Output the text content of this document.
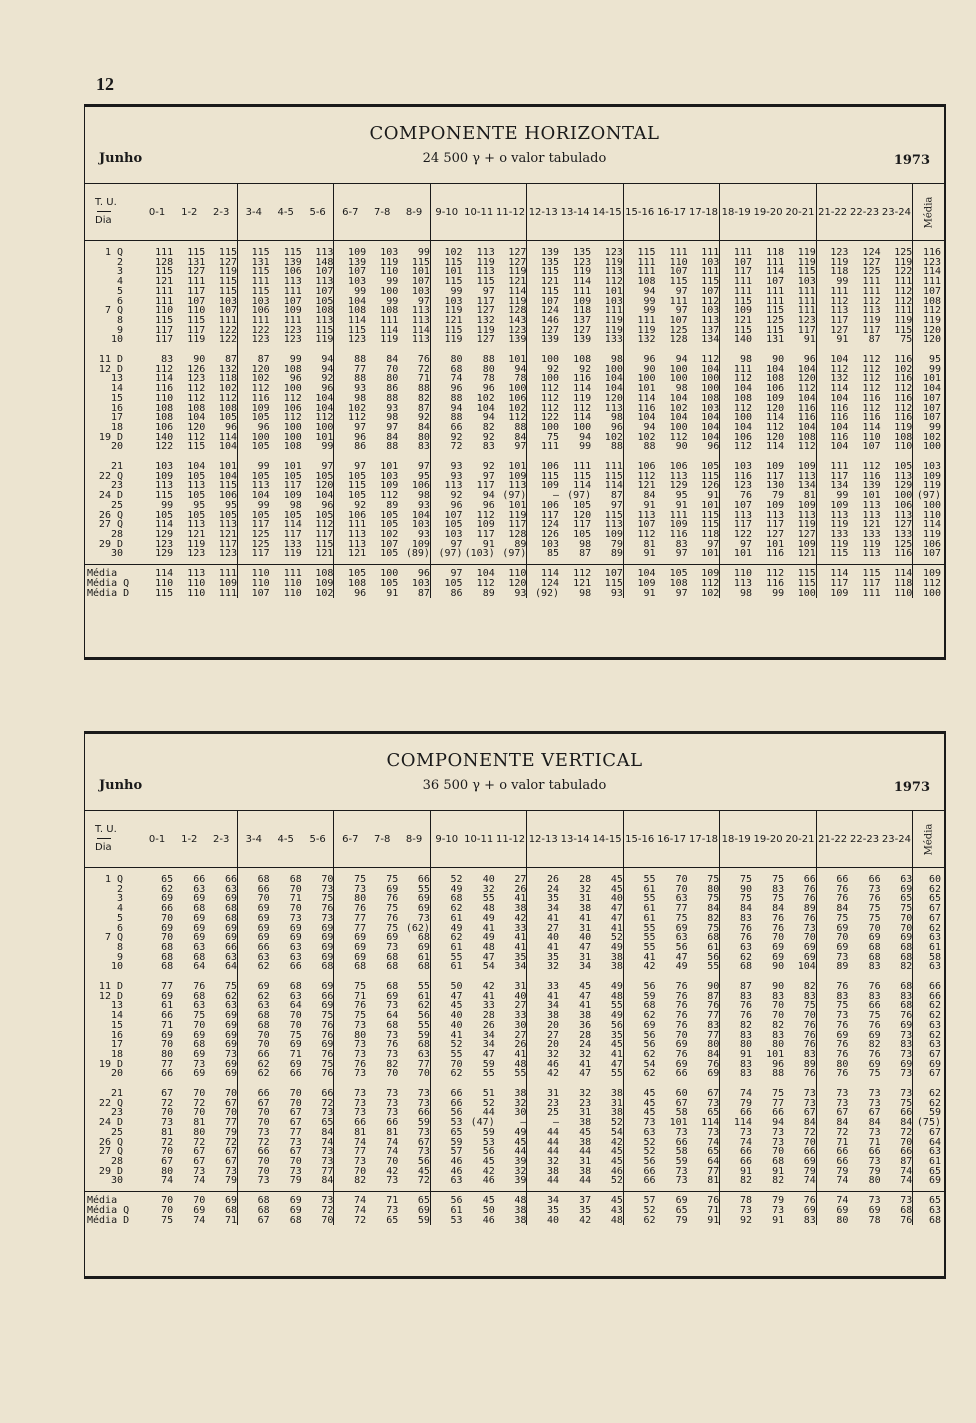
12
COMPONENTE HORIZONTAL
Junho	24 500 γ + o valor tabulado	1973
T. U.
Dia	0-1	1-2	2-3	3-4	4-5	5-6	6-7	7-8	8-9	9-10	10-11	11-12	12-13	13-14	14-15	15-16	16-17	17-18	18-19	19-20	20-21	21-22	22-23	23-24	Média

1 Q	111	115	115	115	115	113	109	103	99	102	113	127	139	135	123	115	111	111	111	118	119	123	124	125	116
2	128	131	127	131	139	148	139	119	115	115	119	127	135	123	119	111	110	103	107	111	119	119	127	119	123
3	115	127	119	115	106	107	107	110	101	101	113	119	115	119	113	111	107	111	117	114	115	118	125	122	114
4	121	111	115	111	113	113	103	99	107	115	115	121	121	114	112	108	115	115	111	107	103	99	111	111	111
5	111	117	115	115	111	107	99	100	103	99	97	114	115	111	101	94	97	107	111	111	111	111	111	112	107
6	111	107	103	103	107	105	104	99	97	103	117	119	107	109	103	99	111	112	115	111	111	112	112	112	108
7 Q	110	110	107	106	109	108	108	108	113	119	127	128	124	118	111	99	97	103	109	115	111	113	113	111	112
8	115	115	111	111	111	113	114	111	113	121	132	143	146	137	119	111	107	113	121	125	123	117	119	119	119
9	117	117	122	122	123	115	115	114	114	115	119	123	127	127	119	119	125	137	115	115	117	127	117	115	120
10	117	119	122	123	123	119	123	119	113	119	127	139	139	139	133	132	128	134	140	131	91	91	87	75	120

11 D	83	90	87	87	99	94	88	84	76	80	88	101	100	108	98	96	94	112	98	90	96	104	112	116	95
12 D	112	126	132	120	108	94	77	70	72	68	80	94	92	92	100	90	100	104	111	104	104	112	112	102	99
13	114	123	118	102	96	92	88	80	71	74	78	78	100	116	104	100	100	100	112	108	120	132	112	116	101
14	116	112	102	112	100	96	93	86	88	96	96	100	112	114	104	101	98	100	104	106	112	114	112	112	104
15	110	112	112	116	112	104	98	88	82	88	102	106	112	119	120	114	104	108	108	109	104	104	116	116	107
16	108	108	108	109	106	104	102	93	87	94	104	102	112	112	113	116	102	103	112	120	116	116	112	112	107
17	108	104	105	105	112	112	112	98	92	88	94	112	122	114	98	104	104	104	100	114	116	116	116	116	107
18	106	120	96	96	100	100	97	97	84	66	82	88	100	100	96	94	100	104	104	112	104	104	114	119	99
19 D	140	112	114	100	100	101	96	84	80	92	92	84	75	94	102	102	112	104	106	120	108	116	110	108	102
20	122	115	104	105	108	99	86	88	83	72	83	97	111	99	88	88	90	96	112	114	112	104	107	110	100

21	103	104	101	99	101	97	97	101	97	93	92	101	106	111	111	106	106	105	103	109	109	111	112	105	103
22 Q	109	105	104	105	105	105	105	103	95	93	97	109	115	115	115	112	113	115	116	117	113	117	116	113	109
23	113	113	115	113	117	120	115	109	106	113	117	113	109	114	114	121	129	126	123	130	134	134	139	129	119
24 D	115	105	106	104	109	104	105	112	98	92	94	(97)	—	(97)	87	84	95	91	76	79	81	99	101	100	(97)
25	99	95	95	99	98	96	92	89	93	96	96	101	106	105	97	91	91	101	107	109	109	109	113	106	100
26 Q	105	105	105	105	105	105	106	105	104	107	112	119	117	120	115	113	111	115	113	113	113	113	113	113	110
27 Q	114	113	113	117	114	112	111	105	103	105	109	117	124	117	113	107	109	115	117	117	119	119	121	127	114
28	129	121	121	125	117	117	113	102	93	103	117	128	126	105	109	112	116	118	122	127	127	133	133	133	119
29 D	123	119	117	125	133	115	113	107	109	97	91	89	103	98	79	81	83	97	97	101	109	119	119	125	106
30	129	123	123	117	119	121	121	105	(89)	(97)	(103)	(97)	85	87	89	91	97	101	101	116	121	115	113	116	107

Média	114	113	111	110	111	108	105	100	96	97	104	110	114	112	107	104	105	109	110	112	115	114	115	114	109
Média Q	110	110	109	110	110	109	108	105	103	105	112	120	124	121	115	109	108	112	113	116	115	117	117	118	112
Média D	115	110	111	107	110	102	96	91	87	86	89	93	(92)	98	93	91	97	102	98	99	100	109	111	110	100
COMPONENTE VERTICAL
Junho	36 500 γ + o valor tabulado	1973
T. U.
Dia	0-1	1-2	2-3	3-4	4-5	5-6	6-7	7-8	8-9	9-10	10-11	11-12	12-13	13-14	14-15	15-16	16-17	17-18	18-19	19-20	20-21	21-22	22-23	23-24	Média

1 Q	65	66	66	68	68	70	75	75	66	52	40	27	26	28	45	55	70	75	75	75	66	66	66	63	60
2	62	63	63	66	70	73	73	69	55	49	32	26	24	32	45	61	70	80	90	83	76	76	73	69	62
3	69	69	69	70	71	75	80	76	69	68	55	41	35	31	40	55	63	75	75	75	76	76	76	65	65
4	66	68	68	69	70	76	76	75	69	62	48	38	34	38	47	61	77	84	84	84	89	84	75	75	67
5	70	69	68	69	73	73	77	76	73	61	49	42	41	41	47	61	75	82	83	76	76	75	75	70	67
6	69	69	69	69	69	69	77	75	(62)	49	41	33	27	31	41	55	69	75	76	76	73	69	70	70	62
7 Q	70	69	69	69	69	69	69	69	68	62	49	41	40	40	52	55	63	68	76	70	70	70	69	69	63
8	68	63	66	66	63	69	69	73	69	61	48	41	41	47	49	55	56	61	63	69	69	69	68	68	61
9	68	68	63	63	63	69	69	68	61	55	47	35	35	31	38	41	47	56	62	69	69	73	68	68	58
10	68	64	64	62	66	68	68	68	68	61	54	34	32	34	38	42	49	55	68	90	104	89	83	82	63

11 D	77	76	75	69	68	69	75	68	55	50	42	31	33	45	49	56	76	90	87	90	82	76	76	68	66
12 D	69	68	62	62	63	66	71	69	61	47	41	40	41	47	48	59	76	87	83	83	83	83	83	83	66
13	61	63	63	63	64	69	76	73	62	45	33	27	34	41	55	68	76	76	76	70	75	75	66	68	62
14	66	75	69	68	70	75	75	64	56	40	28	33	38	38	49	62	76	77	76	70	70	73	75	76	62
15	71	70	69	68	70	76	73	68	55	40	26	30	20	36	56	69	76	83	82	82	76	76	76	69	63
16	69	69	69	70	75	76	80	73	59	41	34	27	27	28	35	56	70	77	83	83	76	69	69	73	62
17	70	68	69	70	69	69	73	76	68	52	34	26	20	24	45	56	69	80	80	80	76	76	82	83	63
18	80	69	73	66	71	76	73	73	63	55	47	41	32	32	41	62	76	84	91	101	83	76	76	73	67
19 D	77	73	69	62	69	75	76	82	77	70	59	48	46	41	47	54	69	76	83	96	89	80	69	69	69
20	66	69	69	62	66	76	73	70	70	62	55	55	42	47	55	62	66	69	83	88	76	76	75	73	67

21	67	70	70	66	70	66	73	73	73	66	51	38	31	32	38	45	60	67	74	75	73	73	73	73	62
22 Q	72	72	67	67	70	72	73	73	73	66	52	32	23	23	31	45	67	73	79	77	73	73	73	75	62
23	70	70	70	70	67	73	73	73	66	56	44	30	25	31	38	45	58	65	66	66	67	67	67	66	59
24 D	73	81	77	70	67	65	66	66	59	53	(47)	—	—	38	52	73	101	114	114	94	84	84	84	84	(75)
25	81	80	79	73	77	84	81	81	73	65	59	49	44	45	54	63	73	73	73	73	72	72	73	72	67
26 Q	72	72	72	72	73	74	74	74	67	59	53	45	44	38	42	52	66	74	74	73	70	71	71	70	64
27 Q	70	67	67	66	67	73	77	74	73	57	56	44	44	44	45	52	58	65	66	70	66	66	66	66	63
28	67	67	67	70	70	73	73	70	56	46	45	39	32	31	45	56	59	64	66	68	69	66	73	87	61
29 D	80	73	73	70	73	77	70	42	45	46	42	32	38	38	46	66	73	77	91	91	79	79	79	74	65
30	74	74	79	73	79	84	82	73	72	63	46	39	44	44	52	66	73	81	82	82	74	74	80	74	69

Média	70	70	69	68	69	73	74	71	65	56	45	48	34	37	45	57	69	76	78	79	76	74	73	73	65
Média Q	70	69	68	68	69	72	74	73	69	61	50	38	35	35	43	52	65	71	73	73	69	69	69	68	63
Média D	75	74	71	67	68	70	72	65	59	53	46	38	40	42	48	62	79	91	92	91	83	80	78	76	68
